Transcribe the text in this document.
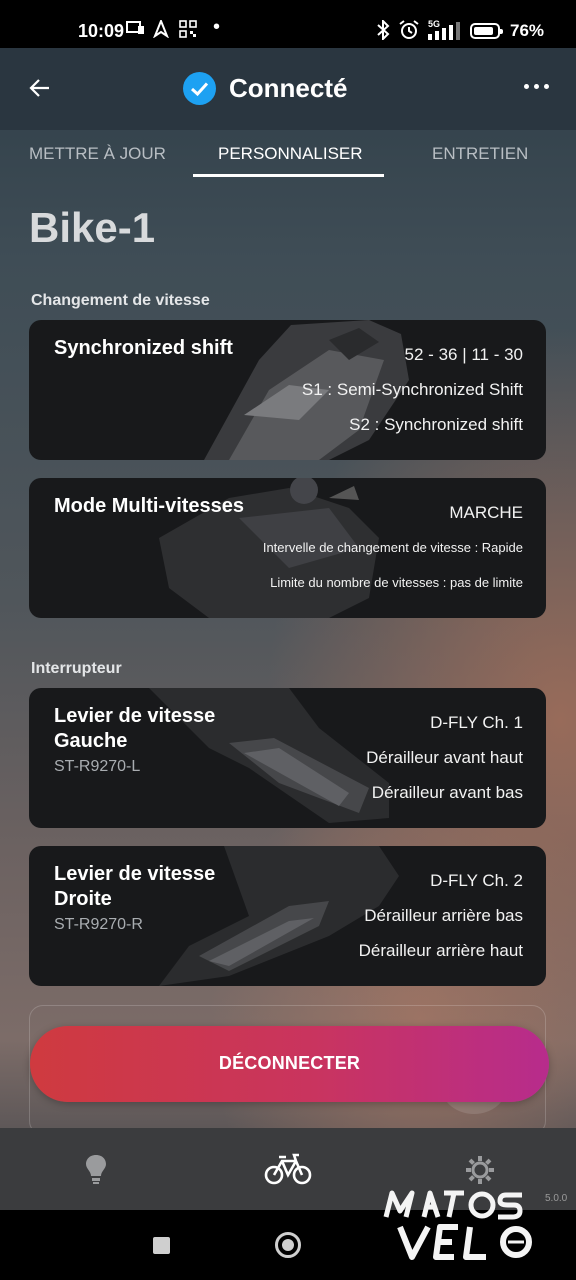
10:09	•	5G	76%
Connecté
METTRE À JOUR	PERSONNALISER	ENTRETIEN
Bike-1
Changement de vitesse
Synchronized shift	52 - 36 | 11 - 30
S1 : Semi-Synchronized Shift
S2 : Synchronized shift
Mode Multi-vitesses	MARCHE
Intervelle de changement de vitesse : Rapide
Limite du nombre de vitesses : pas de limite
Interrupteur
Levier de vitesse Gauche
ST-R9270-L
D-FLY Ch. 1
Dérailleur avant haut
Dérailleur avant bas
Levier de vitesse Droite
ST-R9270-R
D-FLY Ch. 2
Dérailleur arrière bas
Dérailleur arrière haut
DÉCONNECTER
5.0.0
